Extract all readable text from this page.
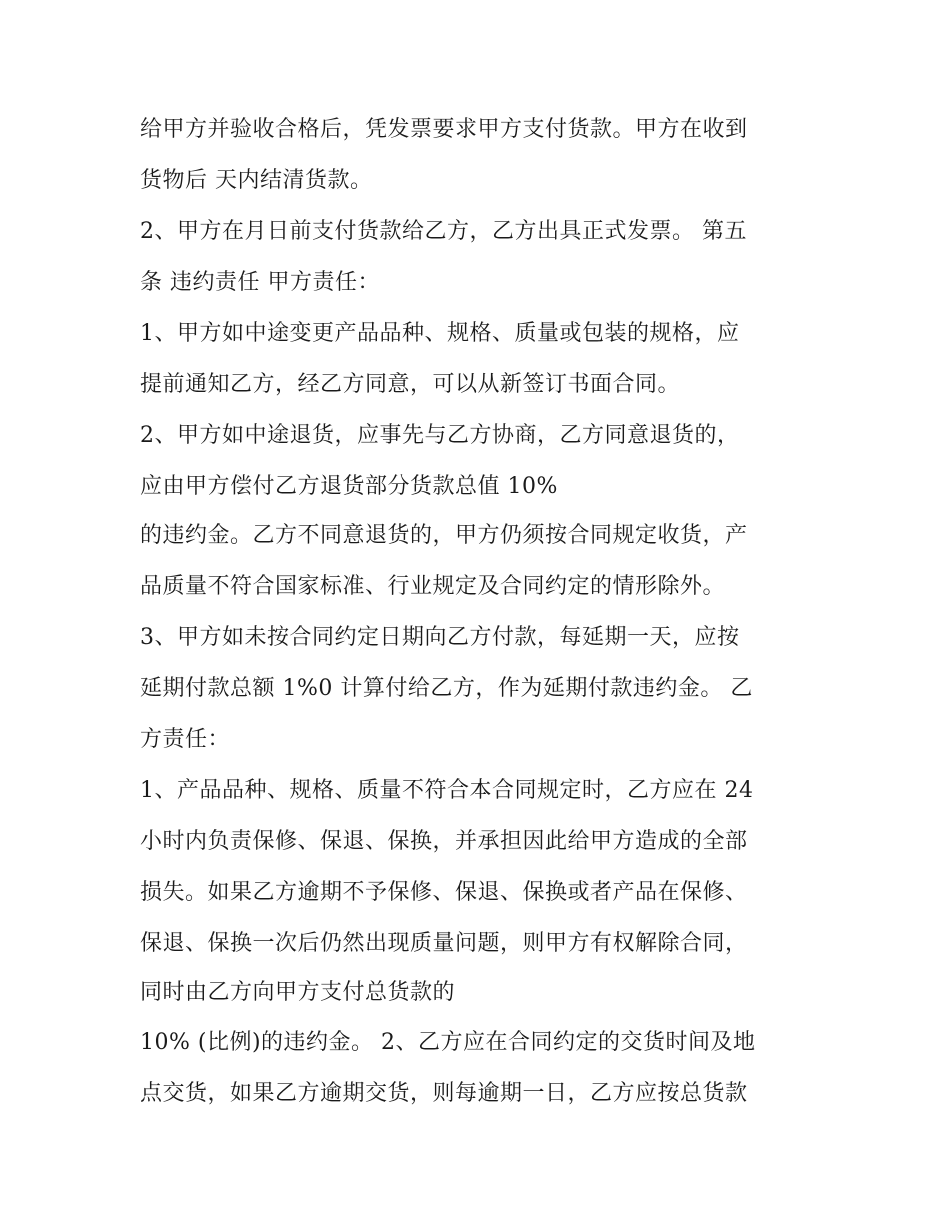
给甲方并验收合格后，凭发票要求甲方支付货款。甲方在收到
货物后 天内结清货款。
2、甲方在月日前支付货款给乙方，乙方出具正式发票。 第五
条 违约责任 甲方责任：
1、甲方如中途变更产品品种、规格、质量或包装的规格，应
提前通知乙方，经乙方同意，可以从新签订书面合同。
2、甲方如中途退货，应事先与乙方协商，乙方同意退货的，
应由甲方偿付乙方退货部分货款总值 10%
的违约金。乙方不同意退货的，甲方仍须按合同规定收货，产
品质量不符合国家标准、行业规定及合同约定的情形除外。
3、甲方如未按合同约定日期向乙方付款，每延期一天，应按
延期付款总额 1%0 计算付给乙方，作为延期付款违约金。 乙
方责任：
1、产品品种、规格、质量不符合本合同规定时，乙方应在 24
小时内负责保修、保退、保换，并承担因此给甲方造成的全部
损失。如果乙方逾期不予保修、保退、保换或者产品在保修、
保退、保换一次后仍然出现质量问题，则甲方有权解除合同，
同时由乙方向甲方支付总货款的
10% (比例)的违约金。 2、乙方应在合同约定的交货时间及地
点交货，如果乙方逾期交货，则每逾期一日，乙方应按总货款
